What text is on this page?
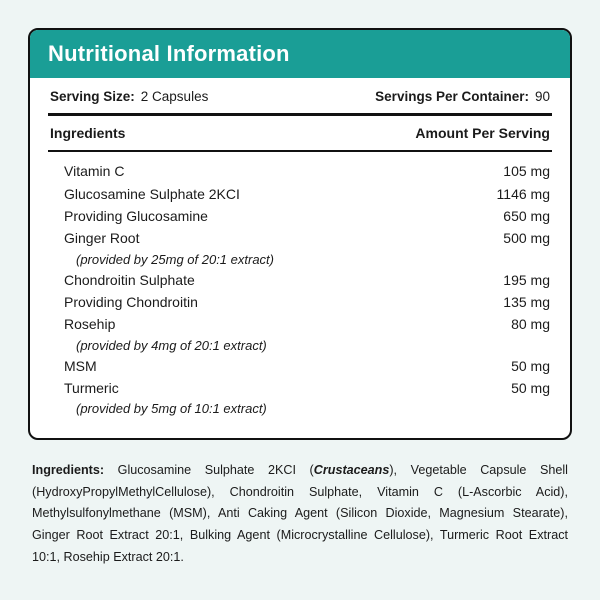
Nutritional Information
Serving Size: 2 Capsules	Servings Per Container: 90
Ingredients	Amount Per Serving
Vitamin C	105 mg
Glucosamine Sulphate 2KCI	1146 mg
Providing Glucosamine	650 mg
Ginger Root	500 mg
(provided by 25mg of 20:1 extract)
Chondroitin Sulphate	195 mg
Providing Chondroitin	135 mg
Rosehip	80 mg
(provided by 4mg of 20:1 extract)
MSM	50 mg
Turmeric	50 mg
(provided by 5mg of 10:1 extract)
Ingredients: Glucosamine Sulphate 2KCI (Crustaceans), Vegetable Capsule Shell (HydroxyPropylMethylCellulose), Chondroitin Sulphate, Vitamin C (L-Ascorbic Acid), Methylsulfonylmethane (MSM), Anti Caking Agent (Silicon Dioxide, Magnesium Stearate), Ginger Root Extract 20:1, Bulking Agent (Microcrystalline Cellulose), Turmeric Root Extract 10:1, Rosehip Extract 20:1.
